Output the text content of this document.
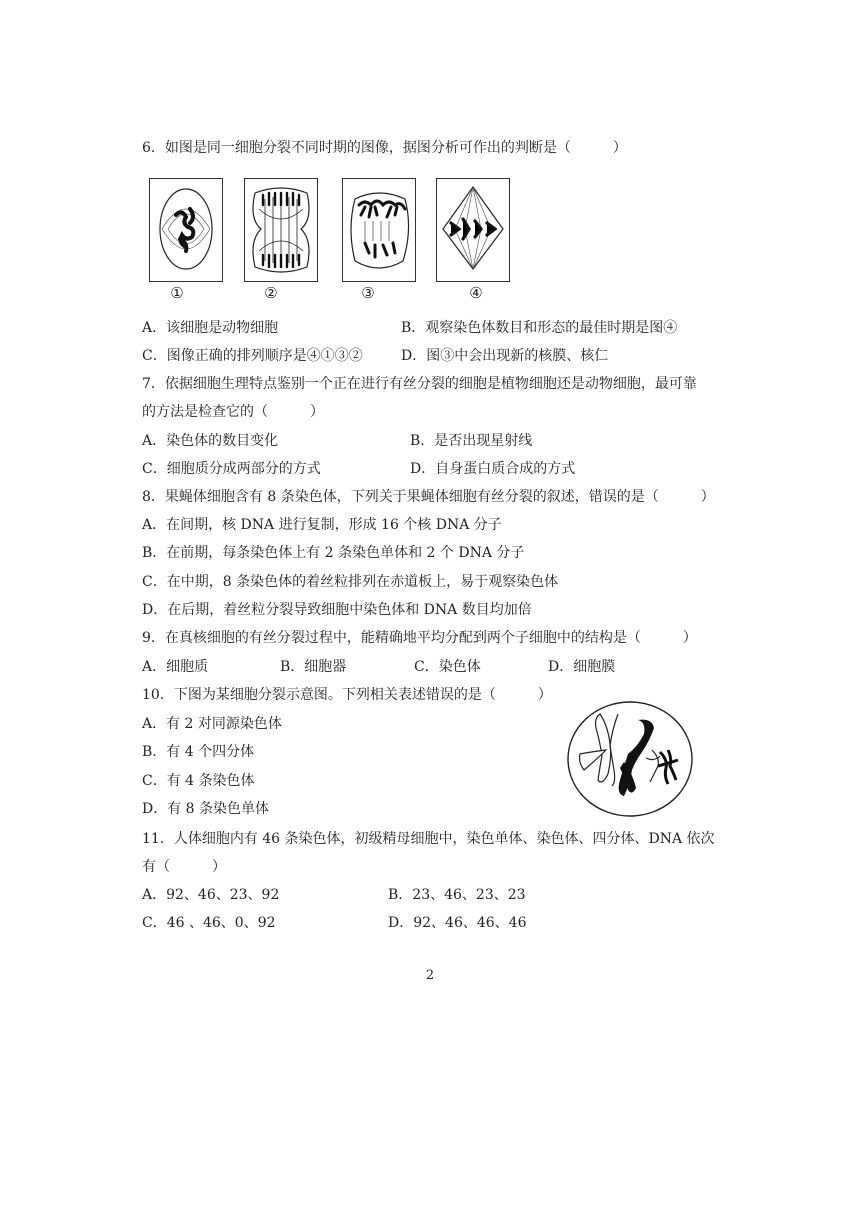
6．如图是同一细胞分裂不同时期的图像，据图分析可作出的判断是（　　　）
①	②	③	④
A．该细胞是动物细胞	B．观察染色体数目和形态的最佳时期是图④
C．图像正确的排列顺序是④①③②	D．图③中会出现新的核膜、核仁
7．依据细胞生理特点鉴别一个正在进行有丝分裂的细胞是植物细胞还是动物细胞，最可靠
的方法是检查它的（　　　）
A．染色体的数目变化	B．是否出现星射线
C．细胞质分成两部分的方式	D．自身蛋白质合成的方式
8．果蝇体细胞含有 8 条染色体，下列关于果蝇体细胞有丝分裂的叙述，错误的是（　　　）
A．在间期，核 DNA 进行复制，形成 16 个核 DNA 分子
B．在前期，每条染色体上有 2 条染色单体和 2 个 DNA 分子
C．在中期，8 条染色体的着丝粒排列在赤道板上，易于观察染色体
D．在后期，着丝粒分裂导致细胞中染色体和 DNA 数目均加倍
9．在真核细胞的有丝分裂过程中，能精确地平均分配到两个子细胞中的结构是（　　　）
A．细胞质	B．细胞器	C．染色体	D．细胞膜
10．下图为某细胞分裂示意图。下列相关表述错误的是（　　　）
A．有 2 对同源染色体
B．有 4 个四分体
C．有 4 条染色体
D．有 8 条染色单体
11．人体细胞内有 46 条染色体，初级精母细胞中，染色单体、染色体、四分体、DNA 依次
有（　　　）
A．92、46、23、92	B．23、46、23、23
C．46 、46、0、92	D．92、46、46、46
2
